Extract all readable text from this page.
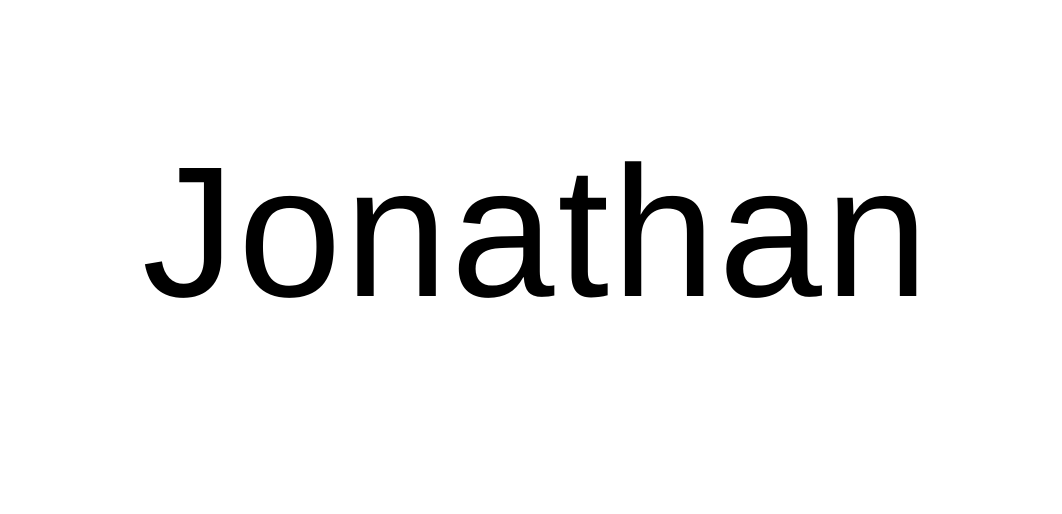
Jonathan
